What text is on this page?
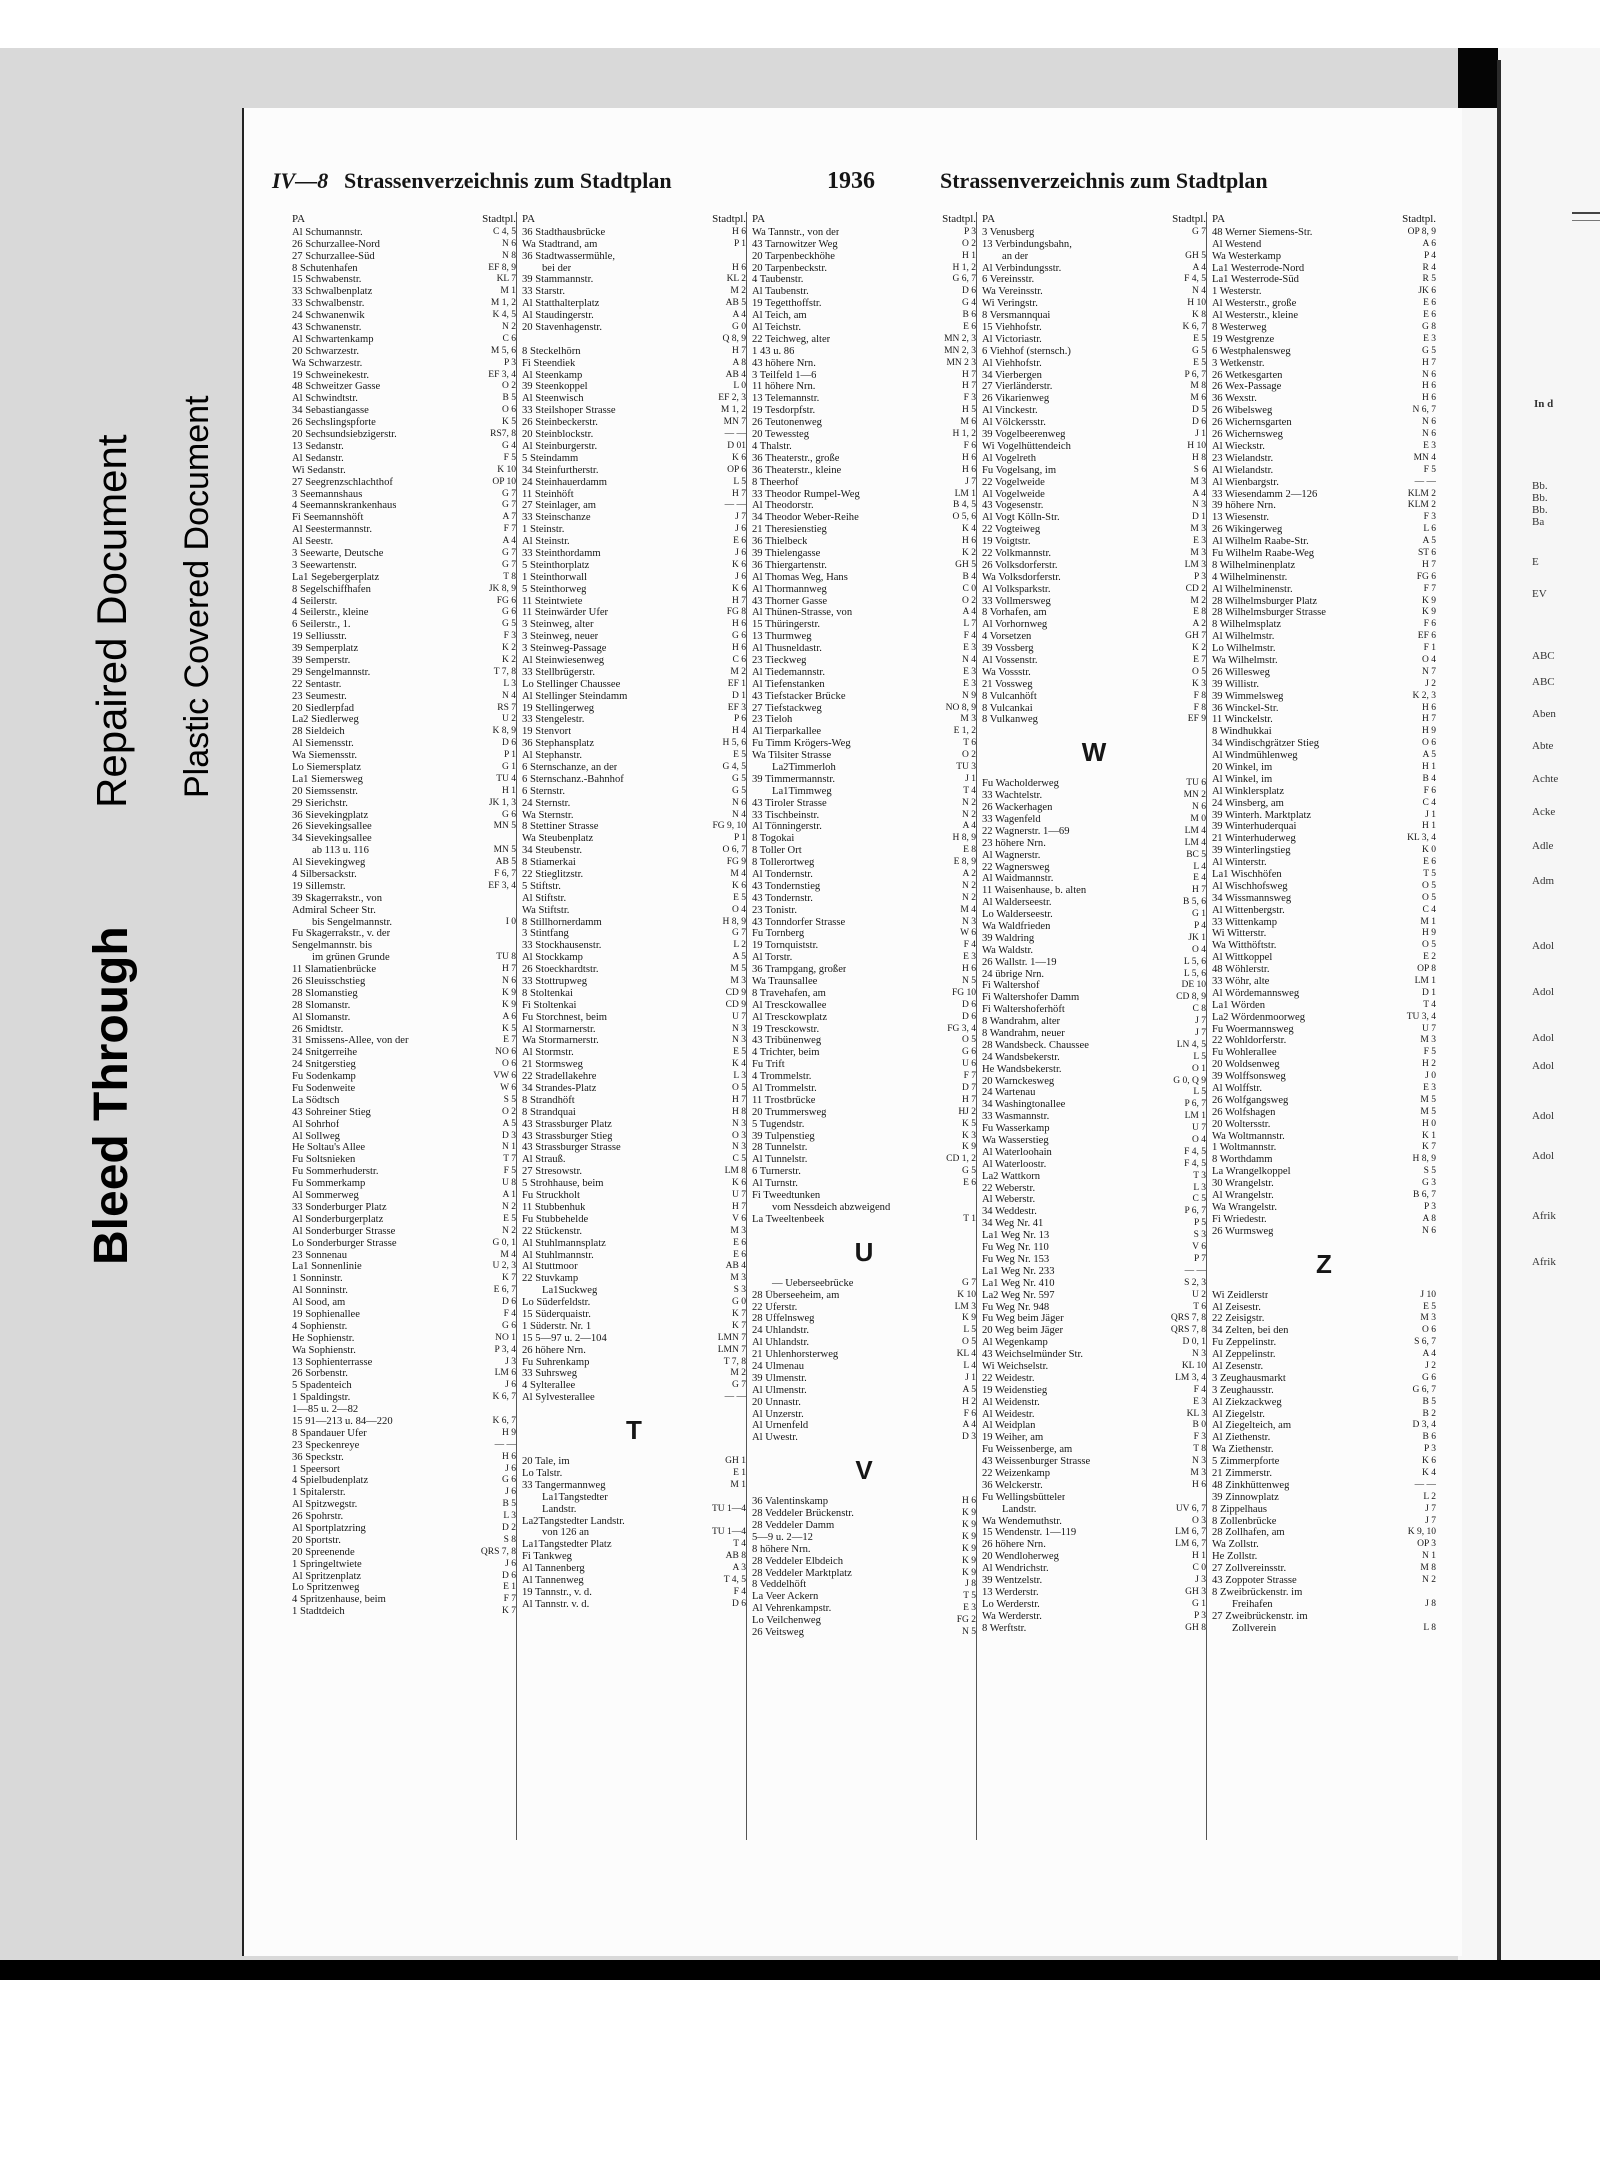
In d
Bb.
Bb.
Bb.
Ba
E
EV
ABC
ABC
Aben
Abte
Achte
Acke
Adle
Adm
Adol
Adol
Adol
Adol
Adol
Adol
Afrik
Afrik
Bleed Through
Repaired Document Plastic Covered Document
IV—8 Strassenverzeichnis zum Stadtplan	1936	Strassenverzeichnis zum Stadtplan
PA	Stadtpl.
Al Schumannstr.	C 4, 5
26 Schurzallee-Nord	N 6
27 Schurzallee-Süd	N 8
8 Schutenhafen	EF 8, 9
15 Schwabenstr.	KL 7
33 Schwalbenplatz	M 1
33 Schwalbenstr.	M 1, 2
24 Schwanenwik	K 4, 5
43 Schwanenstr.	N 2
Al Schwartenkamp	C 6
20 Schwarzestr.	M 5, 6
Wa Schwarzestr.	P 3
19 Schweinekestr.	EF 3, 4
48 Schweitzer Gasse	O 2
Al Schwindtstr.	B 5
34 Sebastiangasse	O 6
26 Sechslingspforte	K 5
20 Sechsundsiebzigerstr.	RS7, 8
13 Sedanstr.	G 4
Al Sedanstr.	F 5
Wi Sedanstr.	K 10
27 Seegrenzschlachthof	OP 10
3 Seemannshaus	G 7
4 Seemannskrankenhaus	G 7
Fi Seemannshöft	A 7
Al Seestermannstr.	F 7
Al Seestr.	A 4
3 Seewarte, Deutsche	G 7
3 Seewartenstr.	G 7
La1 Segebergerplatz	T 8
8 Segelschiffhafen	JK 8, 9
4 Seilerstr.	FG 6
4 Seilerstr., kleine	G 6
6 Seilerstr., 1.	G 5
19 Selliusstr.	F 3
39 Semperplatz	K 2
39 Semperstr.	K 2
29 Sengelmannstr.	T 7, 8
22 Sentastr.	L 3
23 Seumestr.	N 4
20 Siedlerpfad	RS 7
La2 Siedlerweg	U 2
28 Sieldeich	K 8, 9
Al Siemensstr.	D 6
Wa Siemensstr.	P 1
Lo Siemersplatz	G 1
La1 Siemersweg	TU 4
20 Siemssenstr.	H 1
29 Sierichstr.	JK 1, 3
36 Sievekingplatz	G 6
26 Sievekingsallee	MN 5
34 Sievekingsallee
ab 113 u. 116	MN 5
Al Sievekingweg	AB 5
4 Silbersackstr.	F 6, 7
19 Sillemstr.	EF 3, 4
39 Skagerrakstr., von
Admiral Scheer Str.
bis Sengelmannstr.	I 0
Fu Skagerrakstr., v. der
Sengelmannstr. bis
im grünen Grunde	TU 8
11 Slamatienbrücke	H 7
26 Sleuisschstieg	N 6
28 Slomanstieg	K 9
28 Slomanstr.	K 9
Al Slomanstr.	A 6
26 Smidtstr.	K 5
31 Smissens-Allee, von der	E 7
24 Snitgerreihe	NO 6
24 Snitgerstieg	O 6
Fu Sodenkamp	VW 6
Fu Sodenweite	W 6
La Södtsch	S 5
43 Sohreiner Stieg	O 2
Al Sohrhof	A 5
Al Sollweg	D 3
He Soltau's Allee	N 1
Fu Soltsnieken	T 7
Fu Sommerhuderstr.	F 5
Fu Sommerkamp	U 8
Al Sommerweg	A 1
33 Sonderburger Platz	N 2
Al Sonderburgerplatz	E 5
Al Sonderburger Strasse	N 2
Lo Sonderburger Strasse	G 0, 1
23 Sonnenau	M 4
La1 Sonnenlinie	U 2, 3
1 Sonninstr.	K 7
Al Sonninstr.	E 6, 7
Al Sood, am	D 6
19 Sophienallee	F 4
4 Sophienstr.	G 6
He Sophienstr.	NO 1
Wa Sophienstr.	P 3, 4
13 Sophienterrasse	J 3
26 Sorbenstr.	LM 6
5 Spadenteich	J 6
1 Spaldingstr.	K 6, 7
1—85 u. 2—82
15 91—213 u. 84—220	K 6, 7
8 Spandauer Ufer	H 9
23 Speckenreye	— —
36 Speckstr.	H 6
1 Speersort	J 6
4 Spielbudenplatz	G 6
1 Spitalerstr.	J 6
Al Spitzwegstr.	B 5
26 Spohrstr.	L 3
Al Sportplatzring	D 2
20 Sportstr.	S 8
20 Spreenende	QRS 7, 8
1 Springeltwiete	J 6
Al Spritzenplatz	D 6
Lo Spritzenweg	E 1
4 Spritzenhause, beim	F 7
1 Stadtdeich	K 7
PA	Stadtpl.
36 Stadthausbrücke	H 6
Wa Stadtrand, am	P 1
36 Stadtwassermühle,
bei der	H 6
39 Stammannstr.	KL 2
33 Starstr.	M 2
Al Statthalterplatz	AB 5
Al Staudingerstr.	A 4
20 Stavenhagenstr.	G 0
Q 8, 9
8 Steckelhörn	H 7
Fi Steendiek	A 8
Al Steenkamp	AB 4
39 Steenkoppel	L 0
Al Steenwisch	EF 2, 3
33 Steilshoper Strasse	M 1, 2
26 Steinbeckerstr.	MN 7
20 Steinblockstr.	— —
Al Steinburgerstr.	D 01
5 Steindamm	K 6
34 Steinfurtherstr.	OP 6
24 Steinhauerdamm	L 5
11 Steinhöft	H 7
27 Steinlager, am	— —
33 Steinschanze	J 7
1 Steinstr.	J 6
Al Steinstr.	E 6
33 Steinthordamm	J 6
5 Steinthorplatz	K 6
1 Steinthorwall	J 6
5 Steinthorweg	K 6
11 Steintwiete	H 7
11 Steinwärder Ufer	FG 8
3 Steinweg, alter	H 6
3 Steinweg, neuer	G 6
3 Steinweg-Passage	H 6
Al Steinwiesenweg	C 6
33 Stellbrügerstr.	M 2
Lo Stellinger Chaussee	EF 1
Al Stellinger Steindamm	D 1
19 Stellingerweg	EF 3
33 Stengelestr.	P 6
19 Stenvort	H 4
36 Stephansplatz	H 5, 6
Al Stephanstr.	E 5
6 Sternschanze, an der	G 4, 5
6 Sternschanz.-Bahnhof	G 5
6 Sternstr.	G 5
24 Sternstr.	N 6
Wa Sternstr.	N 4
8 Stettiner Strasse	FG 9, 10
Wa Steubenplatz	P 1
34 Steubenstr.	O 6, 7
8 Stiamerkai	FG 9
22 Stieglitzstr.	M 4
5 Stiftstr.	K 6
Al Stiftstr.	E 5
Wa Stiftstr.	O 4
8 Stillhornerdamm	H 8, 9
3 Stintfang	G 7
33 Stockhausenstr.	L 2
Al Stockkamp	A 5
26 Stoeckhardtstr.	M 5
33 Stottrupweg	M 3
8 Stoltenkai	CD 9
Fi Stoltenkai	CD 9
Fu Storchnest, beim	U 7
Al Stormarnerstr.	N 3
Wa Stormarnerstr.	N 3
Al Stormstr.	E 5
21 Stormsweg	K 4
22 Stradellakehre	L 3
34 Strandes-Platz	O 5
8 Strandhöft	H 7
8 Strandquai	H 8
43 Strassburger Platz	N 3
43 Strassburger Stieg	O 3
43 Strassburger Strasse	N 3
Al Strauß.	C 5
27 Stresowstr.	LM 8
5 Strohhause, beim	K 6
Fu Struckholt	U 7
11 Stubbenhuk	H 7
Fu Stubbehelde	V 6
22 Stückenstr.	M 3
Al Stuhlmannsplatz	E 6
Al Stuhlmannstr.	E 6
Al Stuttmoor	AB 4
22 Stuvkamp	M 3
La1Suckweg	S 3
Lo Süderfeldstr.	G 0
15 Süderquaistr.	K 7
1 Süderstr. Nr. 1	K 7
15 5—97 u. 2—104	LMN 7
26 höhere Nrn.	LMN 7
Fu Suhrenkamp	T 7, 8
33 Suhrsweg	M 2
4 Sylterallee	G 7
Al Sylvesterallee	— —
T
20 Tale, im	GH 1
Lo Talstr.	E 1
33 Tangermannweg	M 1
La1Tangstedter
Landstr.	TU 1—4
La2Tangstedter Landstr.
von 126 an	TU 1—4
La1Tangstedter Platz	T 4
Fi Tankweg	AB 8
Al Tannenberg	A 3
Al Tannenweg	T 4, 5
19 Tannstr., v. d.	F 4
Al Tannstr. v. d.	D 6
PA	Stadtpl.
Wa Tannstr., von der	P 3
43 Tarnowitzer Weg	O 2
20 Tarpenbeckhöhe	H 1
20 Tarpenbeckstr.	H 1, 2
4 Taubenstr.	G 6, 7
Al Taubenstr.	D 6
19 Tegetthoffstr.	G 4
Al Teich, am	B 6
Al Teichstr.	E 6
22 Teichweg, alter	MN 2, 3
1 43 u. 86	MN 2, 3
43 höhere Nrn.	MN 2 3
3 Teilfeld 1—6	H 7
11 höhere Nrn.	H 7
13 Telemannstr.	F 3
19 Tesdorpfstr.	H 5
26 Teutonenweg	M 6
20 Tewessteg	H 1, 2
4 Thalstr.	F 6
36 Theaterstr., große	H 6
36 Theaterstr., kleine	H 6
8 Theerhof	J 7
33 Theodor Rumpel-Weg	LM 1
Al Theodorstr.	B 4, 5
34 Theodor Weber-Reihe	O 5, 6
21 Theresienstieg	K 4
36 Thielbeck	H 6
39 Thielengasse	K 2
36 Thiergartenstr.	GH 5
Al Thomas Weg, Hans	B 4
Al Thormannweg	C 0
43 Thorner Gasse	O 2
Al Thünen-Strasse, von	A 4
15 Thüringerstr.	L 7
13 Thurmweg	F 4
Al Thusneldastr.	E 3
23 Tieckweg	N 4
Al Tiedemannstr.	E 3
Al Tiefenstanken	E 3
43 Tiefstacker Brücke	N 9
27 Tiefstackweg	NO 8, 9
23 Tieloh	M 3
Al Tierparkallee	E 1, 2
Fu Timm Krögers-Weg	T 6
Wa Tilsiter Strasse	O 2
La2Timmerloh	TU 3
39 Timmermannstr.	J 1
La1Timmweg	T 4
43 Tiroler Strasse	N 2
33 Tischbeinstr.	N 2
Al Tönningerstr.	A 4
8 Togokai	H 8, 9
8 Toller Ort	E 8
8 Tollerortweg	E 8, 9
Al Tondernstr.	A 2
43 Tondernstieg	N 2
43 Tondernstr.	N 2
23 Tonistr.	M 4
43 Tonndorfer Strasse	N 3
Fu Tornberg	W 6
19 Tornquiststr.	F 4
Al Torstr.	E 3
36 Trampgang, großer	H 6
Wa Traunsallee	N 5
8 Travehafen, am	FG 10
Al Tresckowallee	D 6
Al Tresckowplatz	D 6
19 Tresckowstr.	FG 3, 4
43 Tribünenweg	O 5
4 Trichter, beim	G 6
Fu Trift	U 6
4 Trommelstr.	F 7
Al Trommelstr.	D 7
11 Trostbrücke	H 7
20 Trummersweg	HJ 2
5 Tugendstr.	K 5
39 Tulpenstieg	K 3
28 Tunnelstr.	K 9
Al Tunnelstr.	CD 1, 2
6 Turnerstr.	G 5
Al Turnstr.	E 6
Fi Tweedtunken
vom Nessdeich abzweigend
La Tweeltenbeek	T 1
U
— Ueberseebrücke	G 7
28 Überseeheim, am	K 10
22 Uferstr.	LM 3
28 Uffelnsweg	K 9
24 Uhlandstr.	L 5
Al Uhlandstr.	O 5
21 Uhlenhorsterweg	KL 4
24 Ulmenau	L 4
39 Ulmenstr.	J 1
Al Ulmenstr.	A 5
20 Unnastr.	H 2
Al Unzerstr.	F 6
Al Urnenfeld	A 4
Al Uwestr.	D 3
V
36 Valentinskamp	H 6
28 Veddeler Brückenstr.	K 9
28 Veddeler Damm	K 9
5—9 u. 2—12	K 9
8 höhere Nrn.	K 9
28 Veddeler Elbdeich	K 9
28 Veddeler Marktplatz	K 9
8 Veddelhöft	J 8
La Veer Ackern	T 5
Al Vehrenkampstr.	E 3
Lo Veilchenweg	FG 2
26 Veitsweg	N 5
PA	Stadtpl.
3 Venusberg	G 7
13 Verbindungsbahn,
an der	GH 5
Al Verbindungsstr.	A 4
6 Vereinsstr.	F 4, 5
Wa Vereinsstr.	N 4
Wi Veringstr.	H 10
8 Versmannquai	K 8
15 Viehhofstr.	K 6, 7
Al Victoriastr.	E 5
6 Viehhof (sternsch.)	G 5
Al Viehhofstr.	E 5
34 Vierbergen	P 6, 7
27 Vierländerstr.	M 8
26 Vikarienweg	M 6
Al Vinckestr.	D 5
Al Völckersstr.	D 6
39 Vogelbeerenweg	J 1
Wi Vogelhüttendeich	H 10
Al Vogelreth	H 8
Fu Vogelsang, im	S 6
22 Vogelweide	M 3
Al Vogelweide	A 4
43 Vogesenstr.	N 3
Al Vogt Kölln-Str.	D 1
22 Vogteiweg	M 3
19 Voigtstr.	E 3
22 Volkmannstr.	M 3
26 Volksdorferstr.	LM 3
Wa Volksdorferstr.	P 3
Al Volksparkstr.	CD 2
33 Vollmersweg	M 2
8 Vorhafen, am	E 8
Al Vorhornweg	A 2
4 Vorsetzen	GH 7
39 Vossberg	K 2
Al Vossenstr.	E 7
Wa Vossstr.	O 5
21 Vossweg	K 3
8 Vulcanhöft	F 8
8 Vulcankai	F 8
8 Vulkanweg	EF 9
W
Fu Wacholderweg	TU 6
33 Wachtelstr.	MN 2
26 Wackerhagen	N 6
33 Wagenfeld	M 0
22 Wagnerstr. 1—69	LM 4
23 höhere Nrn.	LM 4
Al Wagnerstr.	BC 5
22 Wagnersweg	L 4
Al Waidmannstr.	E 4
11 Waisenhause, b. alten	H 7
Al Walderseestr.	B 5, 6
Lo Walderseestr.	G 1
Wa Waldfrieden	P 4
39 Waldring	JK 1
Wa Waldstr.	O 4
26 Wallstr. 1—19	L 5, 6
24 übrige Nrn.	L 5, 6
Fi Waltershof	DE 10
Fi Waltershofer Damm	CD 8, 9
Fi Waltershoferhöft	C 8
8 Wandrahm, alter	J 7
8 Wandrahm, neuer	J 7
28 Wandsbeck. Chaussee	LN 4, 5
24 Wandsbekerstr.	L 5
He Wandsbekerstr.	O 1
20 Warnckesweg	G 0, Q 9
24 Wartenau	L 5
34 Washingtonallee	P 6, 7
33 Wasmannstr.	LM 1
Fu Wasserkamp	U 7
Wa Wasserstieg	O 4
Al Waterloohain	F 4, 5
Al Waterloostr.	F 4, 5
La2 Wattkorn	T 3
22 Weberstr.	L 3
Al Weberstr.	C 5
34 Weddestr.	P 6, 7
34 Weg Nr. 41	P 5
La1 Weg Nr. 13	S 3
Fu Weg Nr. 110	V 6
Fu Weg Nr. 153	P 7
La1 Weg Nr. 233	— —
La1 Weg Nr. 410	S 2, 3
La2 Weg Nr. 597	U 2
Fu Weg Nr. 948	T 6
Fu Weg beim Jäger	QRS 7, 8
20 Weg beim Jäger	QRS 7, 8
Al Wegenkamp	D 0, 1
43 Weichselmünder Str.	N 3
Wi Weichselstr.	KL 10
22 Weidestr.	LM 3, 4
19 Weidenstieg	F 4
Al Weidenstr.	E 3
Al Weidestr.	KL 3
Al Weidplan	B 0
19 Weiher, am	F 3
Fu Weissenberge, am	T 8
43 Weissenburger Strasse	N 3
22 Weizenkamp	M 3
36 Welckerstr.	H 6
Fu Wellingsbütteler
Landstr.	UV 6, 7
Wa Wendemuthstr.	O 3
15 Wendenstr. 1—119	LM 6, 7
26 höhere Nrn.	LM 6, 7
20 Wendloherweg	H 1
Al Wendrichstr.	C 0
39 Wentzelstr.	J 3
13 Werderstr.	GH 3
Lo Werderstr.	G 1
Wa Werderstr.	P 3
8 Werftstr.	GH 8
PA	Stadtpl.
48 Werner Siemens-Str.	OP 8, 9
Al Westend	A 6
Wa Westerkamp	P 4
La1 Westerrode-Nord	R 4
La1 Westerrode-Süd	R 5
1 Westerstr.	JK 6
Al Westerstr., große	E 6
Al Westerstr., kleine	E 6
8 Westerweg	G 8
19 Westgrenze	E 3
6 Westphalensweg	G 5
3 Wetkenstr.	H 7
26 Wetkesgarten	N 6
26 Wex-Passage	H 6
36 Wexstr.	H 6
26 Wibelsweg	N 6, 7
26 Wichernsgarten	N 6
26 Wichernsweg	N 6
Al Wieckstr.	E 3
23 Wielandstr.	MN 4
Al Wielandstr.	F 5
Al Wienbargstr.	— —
33 Wiesendamm 2—126	KLM 2
39 höhere Nrn.	KLM 2
13 Wiesenstr.	F 3
26 Wikingerweg	L 6
Al Wilhelm Raabe-Str.	A 5
Fu Wilhelm Raabe-Weg	ST 6
8 Wilhelminenplatz	H 7
4 Wilhelminenstr.	FG 6
Al Wilhelminenstr.	F 7
28 Wilhelmsburger Platz	K 9
28 Wilhelmsburger Strasse	K 9
8 Wilhelmsplatz	F 6
Al Wilhelmstr.	EF 6
Lo Wilhelmstr.	F 1
Wa Wilhelmstr.	O 4
26 Willesweg	N 7
39 Willistr.	J 2
39 Wimmelsweg	K 2, 3
36 Winckel-Str.	H 6
11 Winckelstr.	H 7
8 Windhukkai	H 9
34 Windischgrätzer Stieg	O 6
Al Windmühlenweg	A 5
20 Winkel, im	H 1
Al Winkel, im	B 4
Al Winklersplatz	F 6
24 Winsberg, am	C 4
39 Winterh. Marktplatz	J 1
39 Winterhuderquai	H 1
21 Winterhuderweg	KL 3, 4
39 Winterlingstieg	K 0
Al Winterstr.	E 6
La1 Wischhöfen	T 5
Al Wischhofsweg	O 5
34 Wissmannsweg	O 5
Al Wittenbergstr.	C 4
33 Wittenkamp	M 1
Wi Witterstr.	H 9
Wa Witthöftstr.	O 5
Al Wittkoppel	E 2
48 Wöhlerstr.	OP 8
33 Wöhr, alte	LM 1
Al Wördemannsweg	D 1
La1 Wörden	T 4
La2 Wördenmoorweg	TU 3, 4
Fu Woermannsweg	U 7
22 Wohldorferstr.	M 3
Fu Wohlerallee	F 5
20 Woldsenweg	H 2
39 Wolffsonsweg	J 0
Al Wolffstr.	E 3
26 Wolfgangsweg	M 5
26 Wolfshagen	M 5
20 Woltersstr.	H 0
Wa Woltmannstr.	K 1
1 Woltmannstr.	K 7
8 Worthdamm	H 8, 9
La Wrangelkoppel	S 5
30 Wrangelstr.	G 3
Al Wrangelstr.	B 6, 7
Wa Wrangelstr.	P 3
Fi Wriedestr.	A 8
26 Wurmsweg	N 6
Z
Wi Zeidlerstr	J 10
Al Zeisestr.	E 5
22 Zeisigstr.	M 3
34 Zelten, bei den	O 6
Fu Zeppelinstr.	S 6, 7
Al Zeppelinstr.	A 4
Al Zesenstr.	J 2
3 Zeughausmarkt	G 6
3 Zeughausstr.	G 6, 7
Al Ziekzackweg	B 5
Al Ziegelstr.	B 2
Al Ziegelteich, am	D 3, 4
Al Ziethenstr.	B 6
Wa Ziethenstr.	P 3
5 Zimmerpforte	K 6
21 Zimmerstr.	K 4
48 Zinkhüttenweg	— —
39 Zinnowplatz	L 2
8 Zippelhaus	J 7
8 Zollenbrücke	J 7
28 Zollhafen, am	K 9, 10
Wa Zollstr.	OP 3
He Zollstr.	N 1
27 Zollvereinsstr.	M 8
43 Zoppoter Strasse	N 2
8 Zweibrückenstr. im
Freihafen	J 8
27 Zweibrückenstr. im
Zollverein	L 8
